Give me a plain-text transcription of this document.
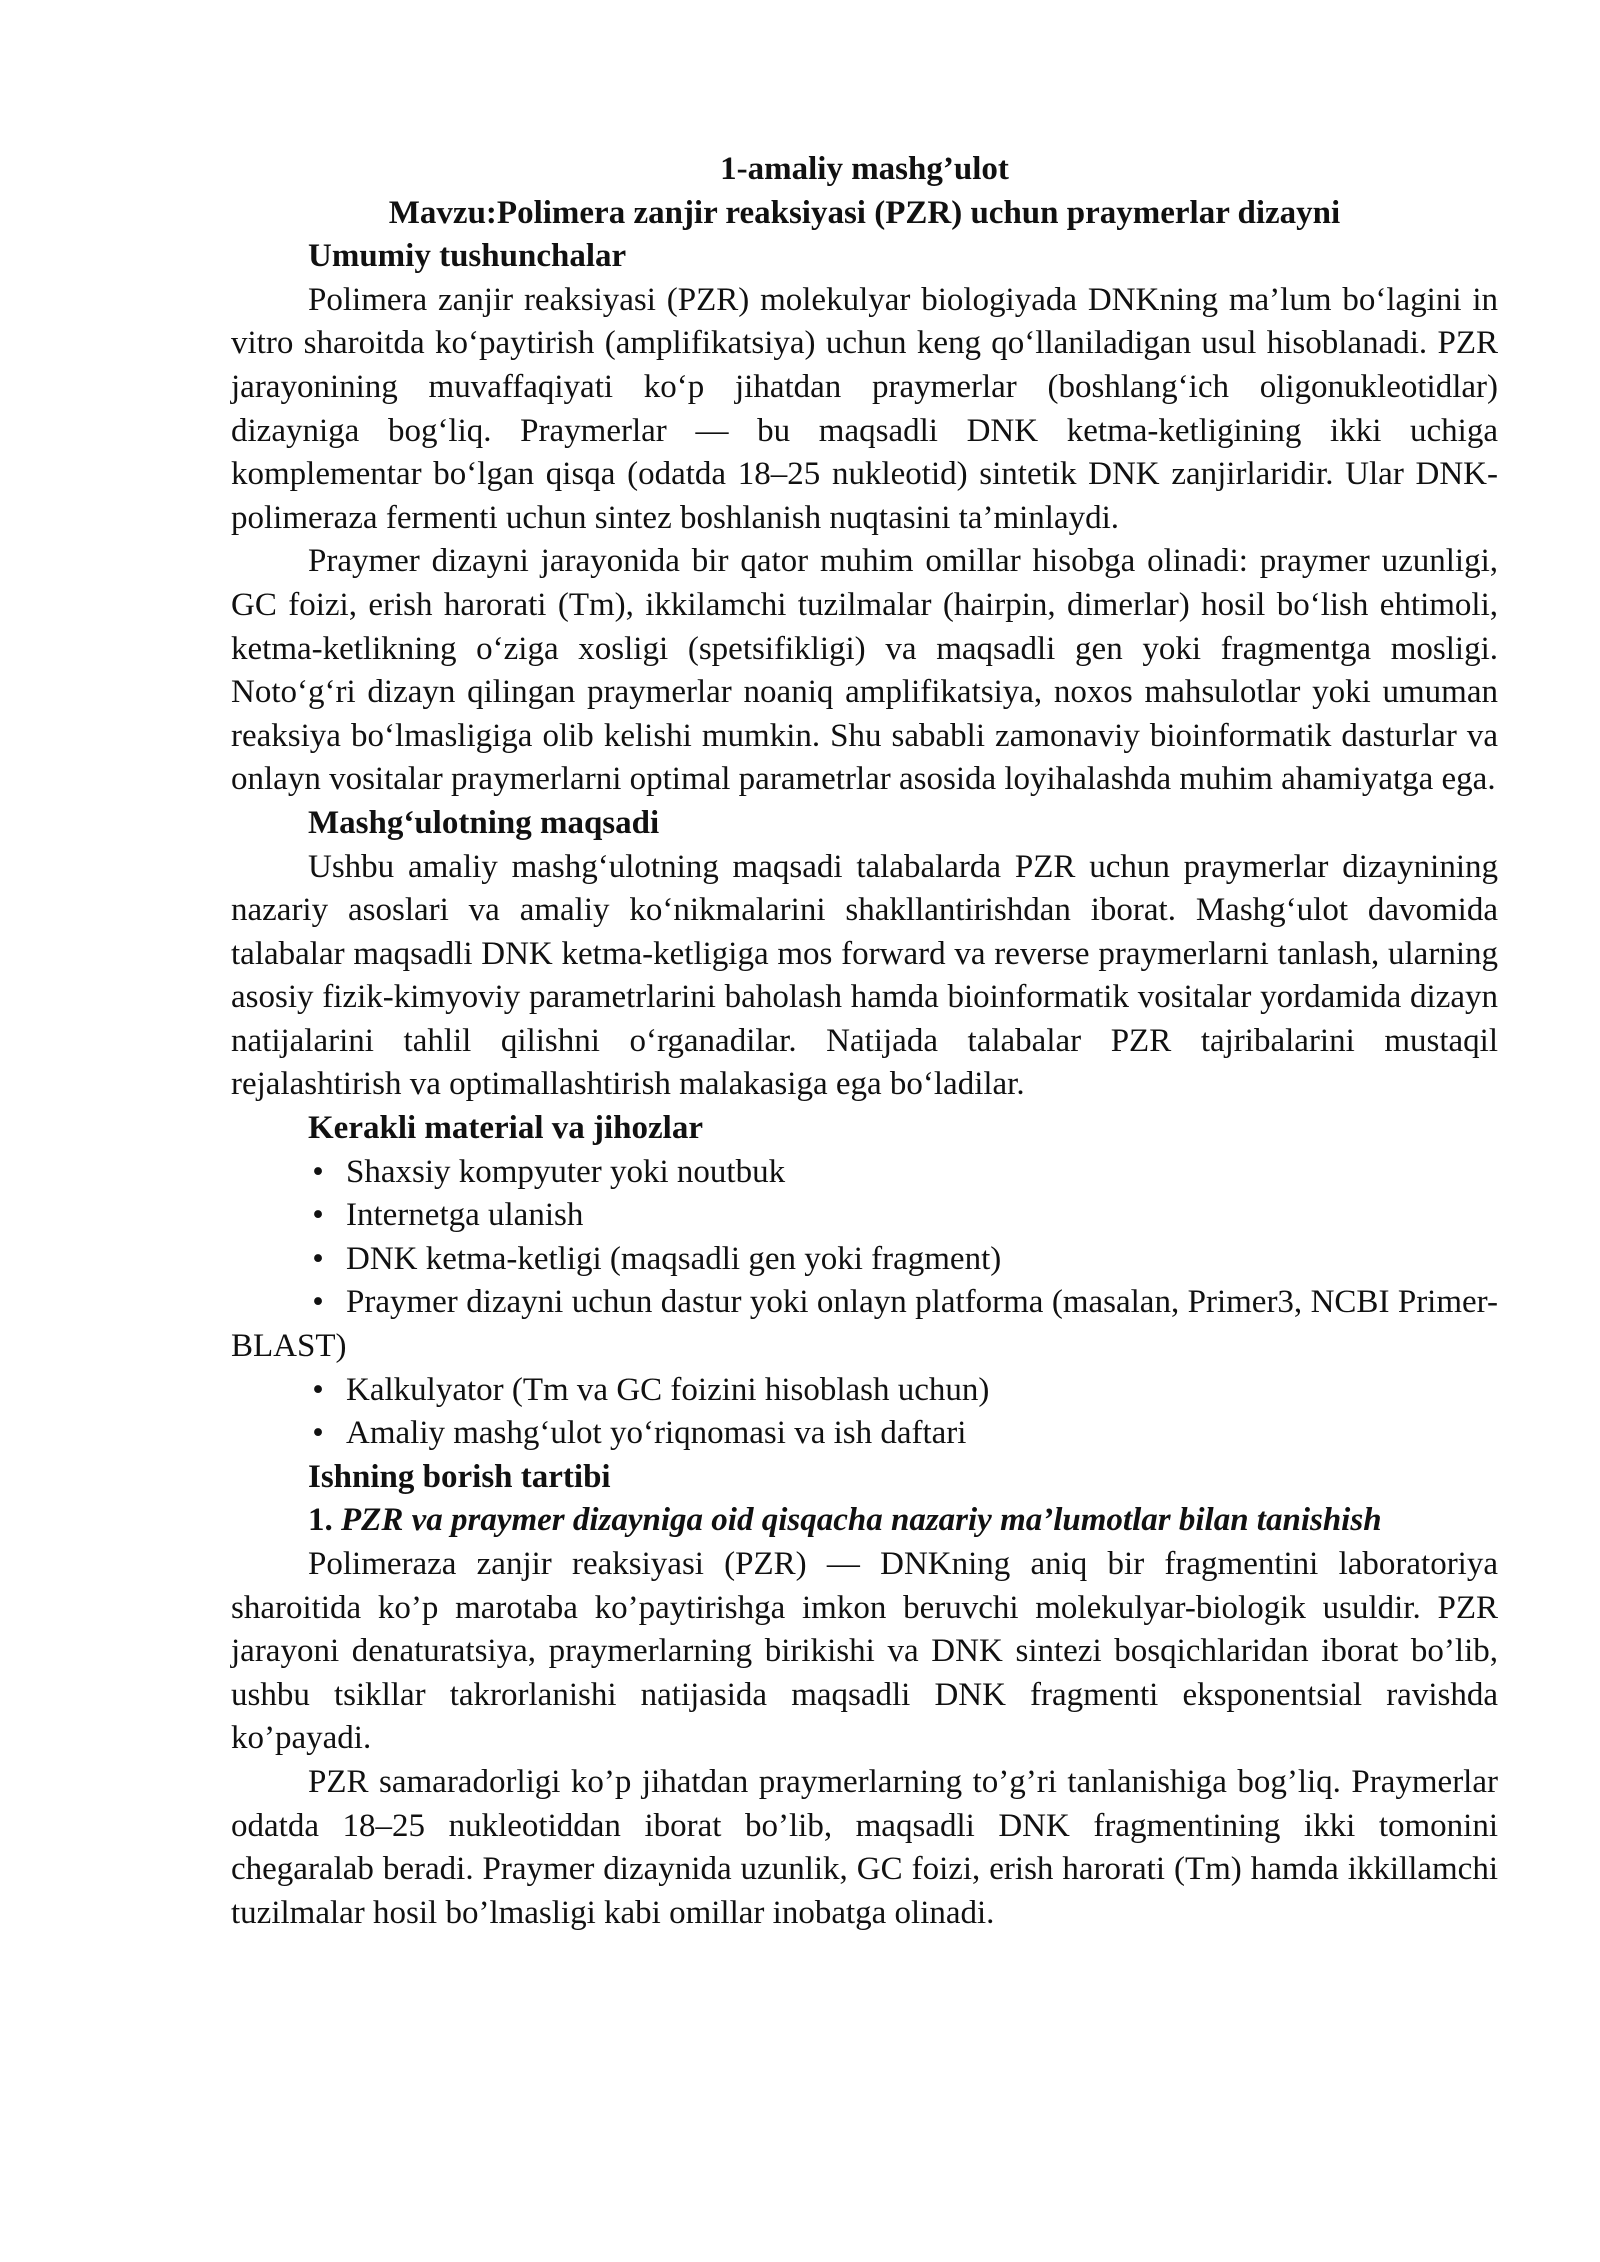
1-amaliy mashg’ulot
Mavzu:Polimera zanjir reaksiyasi (PZR) uchun praymerlar dizayni
Umumiy tushunchalar

Polimera zanjir reaksiyasi (PZR) molekulyar biologiyada DNKning ma’lum bo‘lagini in vitro sharoitda ko‘paytirish (amplifikatsiya) uchun keng qo‘llaniladigan usul hisoblanadi. PZR jarayonining muvaffaqiyati ko‘p jihatdan praymerlar (boshlang‘ich oligonukleotidlar) dizayniga bog‘liq. Praymerlar — bu maqsadli DNK ketma-ketligining ikki uchiga komplementar bo‘lgan qisqa (odatda 18–25 nukleotid) sintetik DNK zanjirlaridir. Ular DNK-polimeraza fermenti uchun sintez boshlanish nuqtasini ta’minlaydi.

Praymer dizayni jarayonida bir qator muhim omillar hisobga olinadi: praymer uzunligi, GC foizi, erish harorati (Tm), ikkilamchi tuzilmalar (hairpin, dimerlar) hosil bo‘lish ehtimoli, ketma-ketlikning o‘ziga xosligi (spetsifikligi) va maqsadli gen yoki fragmentga mosligi. Noto‘g‘ri dizayn qilingan praymerlar noaniq amplifikatsiya, noxos mahsulotlar yoki umuman reaksiya bo‘lmasligiga olib kelishi mumkin. Shu sababli zamonaviy bioinformatik dasturlar va onlayn vositalar praymerlarni optimal parametrlar asosida loyihalashda muhim ahamiyatga ega.

Mashg‘ulotning maqsadi

Ushbu amaliy mashg‘ulotning maqsadi talabalarda PZR uchun praymerlar dizaynining nazariy asoslari va amaliy ko‘nikmalarini shakllantirishdan iborat. Mashg‘ulot davomida talabalar maqsadli DNK ketma-ketligiga mos forward va reverse praymerlarni tanlash, ularning asosiy fizik-kimyoviy parametrlarini baholash hamda bioinformatik vositalar yordamida dizayn natijalarini tahlil qilishni o‘rganadilar. Natijada talabalar PZR tajribalarini mustaqil rejalashtirish va optimallashtirish malakasiga ega bo‘ladilar.

Kerakli material va jihozlar
• Shaxsiy kompyuter yoki noutbuk
• Internetga ulanish
• DNK ketma-ketligi (maqsadli gen yoki fragment)
• Praymer dizayni uchun dastur yoki onlayn platforma (masalan, Primer3, NCBI Primer-BLAST)
• Kalkulyator (Tm va GC foizini hisoblash uchun)
• Amaliy mashg‘ulot yo‘riqnomasi va ish daftari
Ishning borish tartibi
1. PZR va praymer dizayniga oid qisqacha nazariy ma’lumotlar bilan tanishish

Polimeraza zanjir reaksiyasi (PZR) — DNKning aniq bir fragmentini laboratoriya sharoitida ko’p marotaba ko’paytirishga imkon beruvchi molekulyar-biologik usuldir. PZR jarayoni denaturatsiya, praymerlarning birikishi va DNK sintezi bosqichlaridan iborat bo’lib, ushbu tsikllar takrorlanishi natijasida maqsadli DNK fragmenti eksponentsial ravishda ko’payadi.

PZR samaradorligi ko’p jihatdan praymerlarning to’g’ri tanlanishiga bog’liq. Praymerlar odatda 18–25 nukleotiddan iborat bo’lib, maqsadli DNK fragmentining ikki tomonini chegaralab beradi. Praymer dizaynida uzunlik, GC foizi, erish harorati (Tm) hamda ikkillamchi tuzilmalar hosil bo’lmasligi kabi omillar inobatga olinadi.
